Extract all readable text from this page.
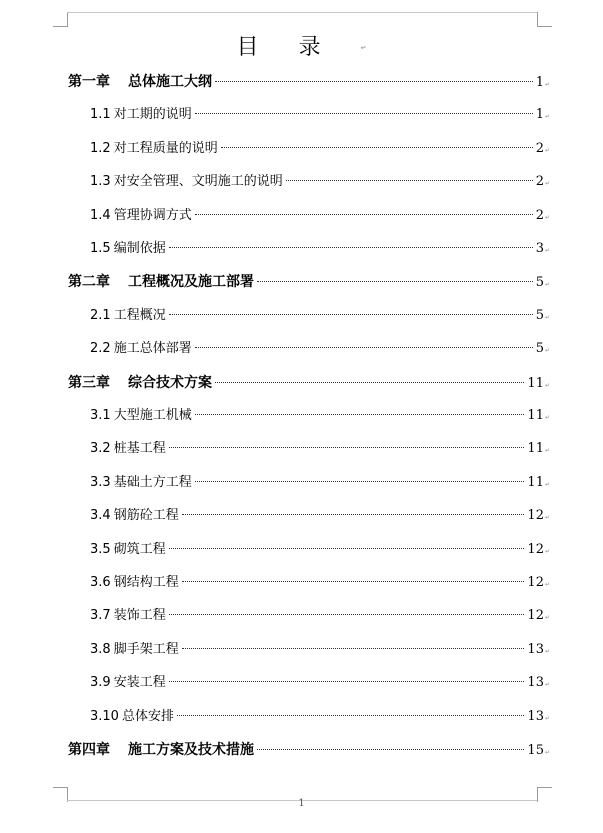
目录↵
第一章 总体施工大纲	1 ↵
1.1 对工期的说明	1 ↵
1.2 对工程质量的说明	2 ↵
1.3 对安全管理、文明施工的说明	2 ↵
1.4 管理协调方式	2 ↵
1.5 编制依据	3 ↵
第二章 工程概况及施工部署	5 ↵
2.1 工程概况	5 ↵
2.2 施工总体部署	5 ↵
第三章 综合技术方案	11 ↵
3.1 大型施工机械	11 ↵
3.2 桩基工程	11 ↵
3.3 基础土方工程	11 ↵
3.4 钢筋砼工程	12 ↵
3.5 砌筑工程	12 ↵
3.6 钢结构工程	12 ↵
3.7 装饰工程	12 ↵
3.8 脚手架工程	13 ↵
3.9 安装工程	13 ↵
3.10 总体安排	13 ↵
第四章 施工方案及技术措施	15 ↵
1
